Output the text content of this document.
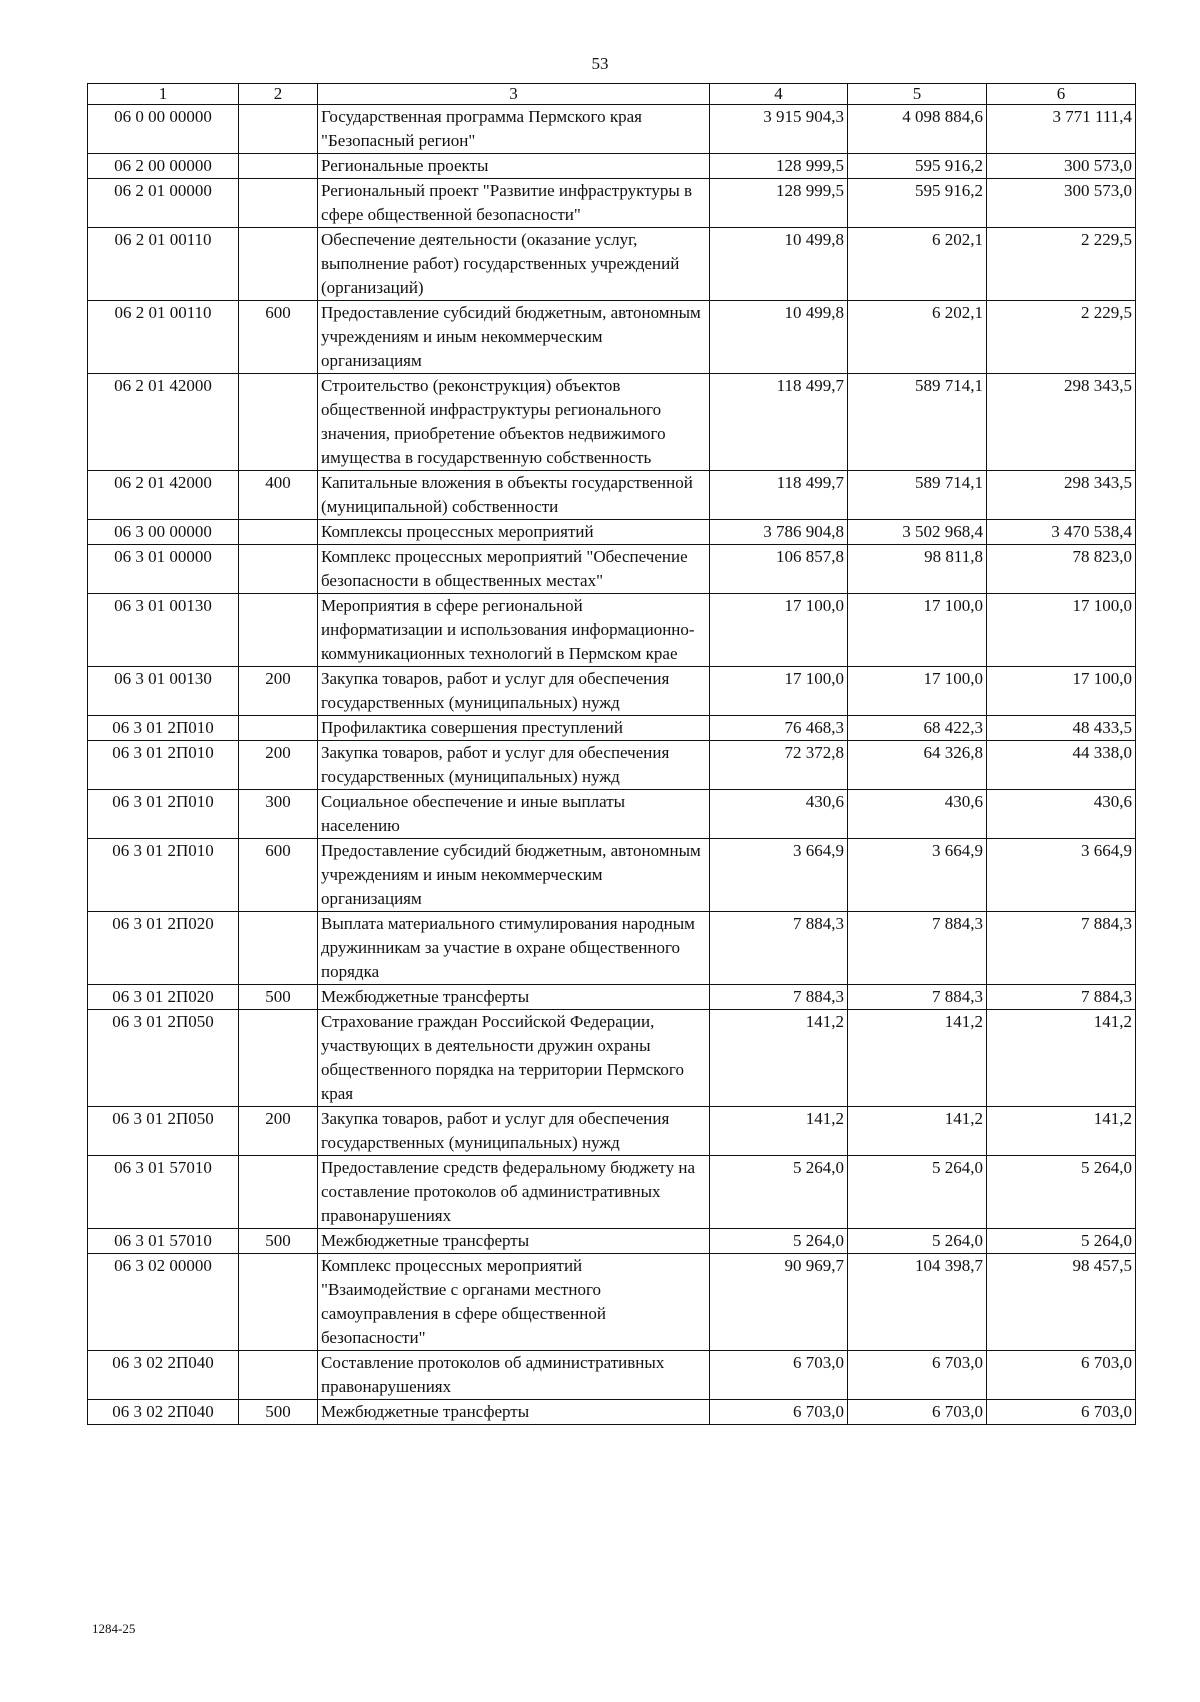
53
1	2	3	4	5	6
06 0 00 00000		Государственная программа Пермского края "Безопасный регион"	3 915 904,3	4 098 884,6	3 771 111,4
06 2 00 00000		Региональные проекты	128 999,5	595 916,2	300 573,0
06 2 01 00000		Региональный проект "Развитие инфраструктуры в сфере общественной безопасности"	128 999,5	595 916,2	300 573,0
06 2 01 00110		Обеспечение деятельности (оказание услуг, выполнение работ) государственных учреждений (организаций)	10 499,8	6 202,1	2 229,5
06 2 01 00110	600	Предоставление субсидий бюджетным, автономным учреждениям и иным некоммерческим организациям	10 499,8	6 202,1	2 229,5
06 2 01 42000		Строительство (реконструкция) объектов общественной инфраструктуры регионального значения, приобретение объектов недвижимого имущества в государственную собственность	118 499,7	589 714,1	298 343,5
06 2 01 42000	400	Капитальные вложения в объекты государственной (муниципальной) собственности	118 499,7	589 714,1	298 343,5
06 3 00 00000		Комплексы процессных мероприятий	3 786 904,8	3 502 968,4	3 470 538,4
06 3 01 00000		Комплекс процессных мероприятий "Обеспечение безопасности в общественных местах"	106 857,8	98 811,8	78 823,0
06 3 01 00130		Мероприятия в сфере региональной информатизации и использования информационно-коммуникационных технологий в Пермском крае	17 100,0	17 100,0	17 100,0
06 3 01 00130	200	Закупка товаров, работ и услуг для обеспечения государственных (муниципальных) нужд	17 100,0	17 100,0	17 100,0
06 3 01 2П010		Профилактика совершения преступлений	76 468,3	68 422,3	48 433,5
06 3 01 2П010	200	Закупка товаров, работ и услуг для обеспечения государственных (муниципальных) нужд	72 372,8	64 326,8	44 338,0
06 3 01 2П010	300	Социальное обеспечение и иные выплаты населению	430,6	430,6	430,6
06 3 01 2П010	600	Предоставление субсидий бюджетным, автономным учреждениям и иным некоммерческим организациям	3 664,9	3 664,9	3 664,9
06 3 01 2П020		Выплата материального стимулирования народным дружинникам за участие в охране общественного порядка	7 884,3	7 884,3	7 884,3
06 3 01 2П020	500	Межбюджетные трансферты	7 884,3	7 884,3	7 884,3
06 3 01 2П050		Страхование граждан Российской Федерации, участвующих в деятельности дружин охраны общественного порядка на территории Пермского края	141,2	141,2	141,2
06 3 01 2П050	200	Закупка товаров, работ и услуг для обеспечения государственных (муниципальных) нужд	141,2	141,2	141,2
06 3 01 57010		Предоставление средств федеральному бюджету на составление протоколов об административных правонарушениях	5 264,0	5 264,0	5 264,0
06 3 01 57010	500	Межбюджетные трансферты	5 264,0	5 264,0	5 264,0
06 3 02 00000		Комплекс процессных мероприятий "Взаимодействие с органами местного самоуправления в сфере общественной безопасности"	90 969,7	104 398,7	98 457,5
06 3 02 2П040		Составление протоколов об административных правонарушениях	6 703,0	6 703,0	6 703,0
06 3 02 2П040	500	Межбюджетные трансферты	6 703,0	6 703,0	6 703,0
1284-25
